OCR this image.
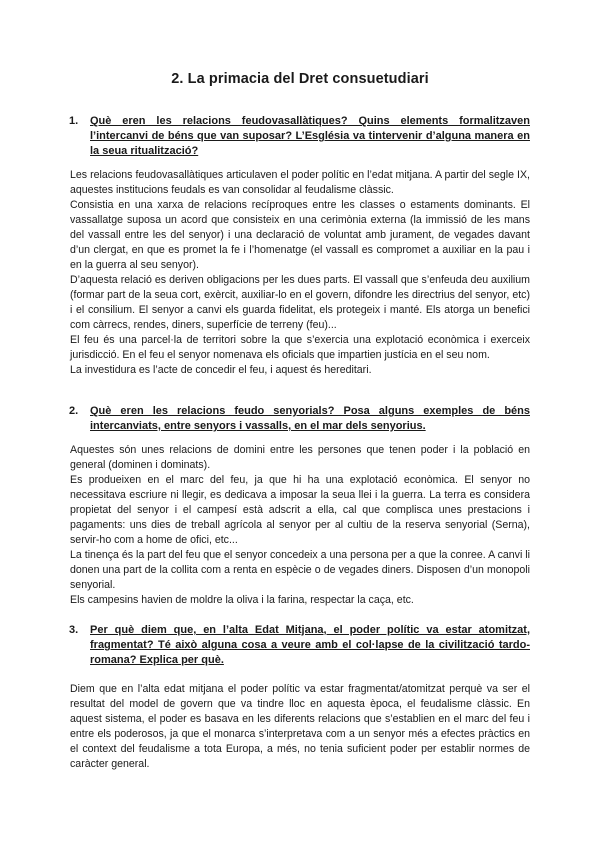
2. La primacia del Dret consuetudiari
1. Què eren les relacions feudovasallàtiques? Quins elements formalitzaven l’intercanvi de béns que van suposar? L’Església va tintervenir d’alguna manera en la seua ritualització?

Les relacions feudovasallàtiques articulaven el poder polític en l’edat mitjana. A partir del segle IX, aquestes institucions feudals es van consolidar al feudalisme clàssic.

Consistia en una xarxa de relacions recíproques entre les classes o estaments dominants. El vassallatge suposa un acord que consisteix en una cerimònia externa (la immissió de les mans del vassall entre les del senyor) i una declaració de voluntat amb jurament, de vegades davant d’un clergat, en que es promet la fe i l’homenatge (el vassall es compromet a auxiliar en la pau i en la guerra al seu senyor).

D’aquesta relació es deriven obligacions per les dues parts. El vassall que s’enfeuda deu auxilium (formar part de la seua cort, exèrcit, auxiliar-lo en el govern, difondre les directrius del senyor, etc) i el consilium. El senyor a canvi els guarda fidelitat, els protegeix i manté. Els atorga un benefici com càrrecs, rendes, diners, superfície de terreny (feu)...

El feu és una parcel·la de territori sobre la que s’exercia una explotació econòmica i exerceix jurisdicció. En el feu el senyor nomenava els oficials que impartien justícia en el seu nom.

La investidura es l’acte de concedir el feu, i aquest és hereditari.

2. Què eren les relacions feudo senyorials? Posa alguns exemples de béns intercanviats, entre senyors i vassalls, en el mar dels senyorius.

Aquestes són unes relacions de domini entre les persones que tenen poder i la població en general (dominen i dominats).

Es produeixen en el marc del feu, ja que hi ha una explotació econòmica. El senyor no necessitava escriure ni llegir, es dedicava a imposar la seua llei i la guerra. La terra es considera propietat del senyor i el campesí està adscrit a ella, cal que complisca unes prestacions i pagaments: uns dies de treball agrícola al senyor per al cultiu de la reserva senyorial (Serna), servir-ho com a home de ofici, etc...

La tinença és la part del feu que el senyor concedeix a una persona per a que la conree. A canvi li donen una part de la collita com a renta en espècie o de vegades diners. Disposen d’un monopoli senyorial.

Els campesins havien de moldre la oliva i la farina, respectar la caça, etc.

3. Per què diem que, en l’alta Edat Mitjana, el poder polític va estar atomitzat, fragmentat? Té això alguna cosa a veure amb el col·lapse de la civilització tardo-romana? Explica per què.

Diem que en l’alta edat mitjana el poder polític va estar fragmentat/atomitzat perquè va ser el resultat del model de govern que va tindre lloc en aquesta època, el feudalisme clàssic. En aquest sistema, el poder es basava en les diferents relacions que s’establien en el marc del feu i entre els poderosos, ja que el monarca s’interpretava com a un senyor més a efectes pràctics en el context del feudalisme a tota Europa, a més, no tenia suficient poder per establir normes de caràcter general.
